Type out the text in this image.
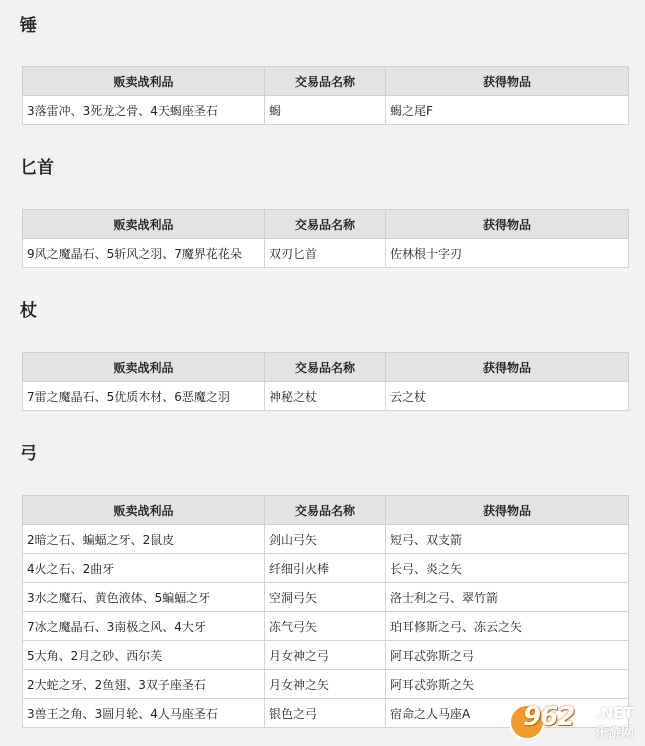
锤
贩卖战利品	交易品名称	获得物品
3落雷冲、3死龙之骨、4天蝎座圣石	蝎	蝎之尾F
匕首
贩卖战利品	交易品名称	获得物品
9风之魔晶石、5斩风之羽、7魔界花花朵	双刃匕首	佐林根十字刃
杖
贩卖战利品	交易品名称	获得物品
7雷之魔晶石、5优质木材、6恶魔之羽	神秘之杖	云之杖
弓
贩卖战利品	交易品名称	获得物品
2暗之石、蝙蝠之牙、2鼠皮	剑山弓矢	短弓、双支箭
4火之石、2曲牙	纤细引火棒	长弓、炎之矢
3水之魔石、黄色液体、5蝙蝠之牙	空洞弓矢	洛士利之弓、翠竹箭
7冰之魔晶石、3南极之风、4大牙	冻气弓矢	珀耳修斯之弓、冻云之矢
5大角、2月之砂、西尔芙	月女神之弓	阿耳忒弥斯之弓
2大蛇之牙、2鱼翅、3双子座圣石	月女神之矢	阿耳忒弥斯之矢
3兽王之角、3圆月轮、4人马座圣石	银色之弓	宿命之人马座A 962 .NET
乐游网
